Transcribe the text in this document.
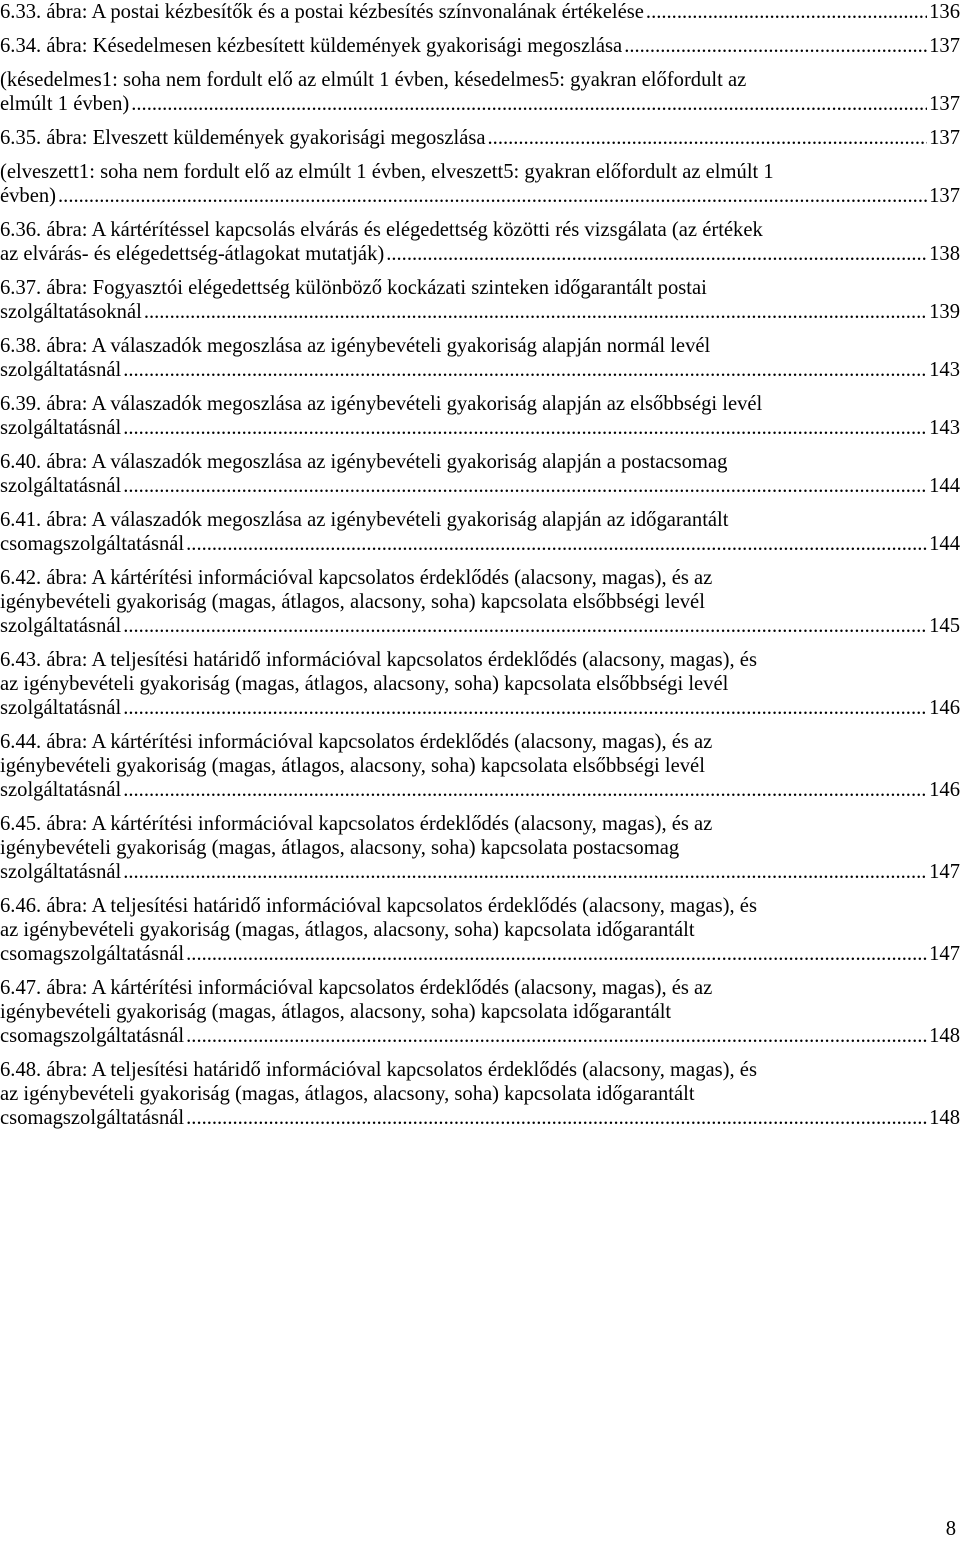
6.33. ábra: A postai kézbesítők és a postai kézbesítés színvonalának értékelése .....	136
6.34. ábra: Késedelmesen kézbesített küldemények gyakorisági megoszlása .....	137
(késedelmes1: soha nem fordult elő az elmúlt 1 évben, késedelmes5: gyakran előfordult az
elmúlt 1 évben) .....	137
6.35. ábra: Elveszett küldemények gyakorisági megoszlása .....	137
(elveszett1: soha nem fordult elő az elmúlt 1 évben, elveszett5: gyakran előfordult az elmúlt 1
évben) .....	137
6.36. ábra: A kártérítéssel kapcsolás elvárás és elégedettség közötti rés vizsgálata (az értékek
az elvárás- és elégedettség-átlagokat mutatják) .....	138
6.37. ábra: Fogyasztói elégedettség különböző kockázati szinteken időgarantált postai
szolgáltatásoknál .....	139
6.38. ábra: A válaszadók megoszlása az igénybevételi gyakoriság alapján normál levél
szolgáltatásnál .....	143
6.39. ábra: A válaszadók megoszlása az igénybevételi gyakoriság alapján az elsőbbségi levél
szolgáltatásnál .....	143
6.40. ábra: A válaszadók megoszlása az igénybevételi gyakoriság alapján a postacsomag
szolgáltatásnál .....	144
6.41. ábra: A válaszadók megoszlása az igénybevételi gyakoriság alapján az időgarantált
csomagszolgáltatásnál .....	144
6.42. ábra: A kártérítési információval kapcsolatos érdeklődés (alacsony, magas), és az
igénybevételi gyakoriság (magas, átlagos, alacsony, soha) kapcsolata elsőbbségi levél
szolgáltatásnál .....	145
6.43. ábra: A teljesítési határidő információval kapcsolatos érdeklődés (alacsony, magas), és
az igénybevételi gyakoriság (magas, átlagos, alacsony, soha) kapcsolata elsőbbségi levél
szolgáltatásnál .....	146
6.44. ábra: A kártérítési információval kapcsolatos érdeklődés (alacsony, magas), és az
igénybevételi gyakoriság (magas, átlagos, alacsony, soha) kapcsolata elsőbbségi levél
szolgáltatásnál .....	146
6.45. ábra: A kártérítési információval kapcsolatos érdeklődés (alacsony, magas), és az
igénybevételi gyakoriság (magas, átlagos, alacsony, soha) kapcsolata postacsomag
szolgáltatásnál .....	147
6.46. ábra: A teljesítési határidő információval kapcsolatos érdeklődés (alacsony, magas), és
az igénybevételi gyakoriság (magas, átlagos, alacsony, soha) kapcsolata időgarantált
csomagszolgáltatásnál .....	147
6.47. ábra: A kártérítési információval kapcsolatos érdeklődés (alacsony, magas), és az
igénybevételi gyakoriság (magas, átlagos, alacsony, soha) kapcsolata időgarantált
csomagszolgáltatásnál .....	148
6.48. ábra: A teljesítési határidő információval kapcsolatos érdeklődés (alacsony, magas), és
az igénybevételi gyakoriság (magas, átlagos, alacsony, soha) kapcsolata időgarantált
csomagszolgáltatásnál .....	148
8
